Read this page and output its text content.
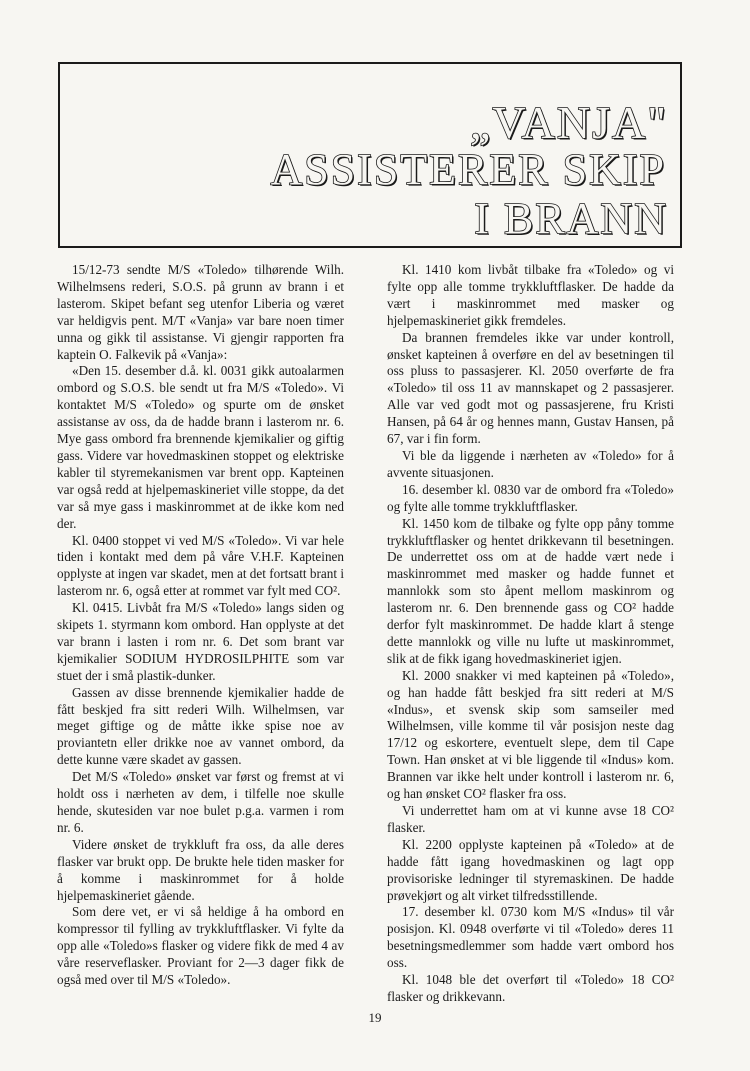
„VANJA"
ASSISTERER SKIP
I BRANN

15/12-73 sendte M/S «Toledo» tilhørende Wilh. Wilhelmsens rederi, S.O.S. på grunn av brann i et lasterom. Skipet befant seg utenfor Liberia og været var heldigvis pent. M/T «Vanja» var bare noen timer unna og gikk til assistanse. Vi gjengir rapporten fra kaptein O. Falkevik på «Vanja»:

«Den 15. desember d.å. kl. 0031 gikk autoalarmen ombord og S.O.S. ble sendt ut fra M/S «Toledo». Vi kontaktet M/S «Toledo» og spurte om de ønsket assistanse av oss, da de hadde brann i lasterom nr. 6. Mye gass ombord fra brennende kjemikalier og giftig gass. Videre var hovedmaskinen stoppet og elektriske kabler til styremekanismen var brent opp. Kapteinen var også redd at hjelpemaskineriet ville stoppe, da det var så mye gass i maskinrommet at de ikke kom ned der.

Kl. 0400 stoppet vi ved M/S «Toledo». Vi var hele tiden i kontakt med dem på våre V.H.F. Kapteinen opplyste at ingen var skadet, men at det fortsatt brant i lasterom nr. 6, også etter at rommet var fylt med CO².

Kl. 0415. Livbåt fra M/S «Toledo» langs siden og skipets 1. styrmann kom ombord. Han opplyste at det var brann i lasten i rom nr. 6. Det som brant var kjemikalier SODIUM HYDROSILPHITE som var stuet der i små plastik-dunker.

Gassen av disse brennende kjemikalier hadde de fått beskjed fra sitt rederi Wilh. Wilhelmsen, var meget giftige og de måtte ikke spise noe av proviantetn eller drikke noe av vannet ombord, da dette kunne være skadet av gassen.

Det M/S «Toledo» ønsket var først og fremst at vi holdt oss i nærheten av dem, i tilfelle noe skulle hende, skutesiden var noe bulet p.g.a. varmen i rom nr. 6.

Videre ønsket de trykkluft fra oss, da alle deres flasker var brukt opp. De brukte hele tiden masker for å komme i maskinrommet for å holde hjelpemaskineriet gående.

Som dere vet, er vi så heldige å ha ombord en kompressor til fylling av trykkluftflasker. Vi fylte da opp alle «Toledo»s flasker og videre fikk de med 4 av våre reserveflasker. Proviant for 2—3 dager fikk de også med over til M/S «Toledo».

Kl. 1410 kom livbåt tilbake fra «Toledo» og vi fylte opp alle tomme trykkluftflasker. De hadde da vært i maskinrommet med masker og hjelpemaskineriet gikk fremdeles.

Da brannen fremdeles ikke var under kontroll, ønsket kapteinen å overføre en del av besetningen til oss pluss to passasjerer. Kl. 2050 overførte de fra «Toledo» til oss 11 av mannskapet og 2 passasjerer. Alle var ved godt mot og passasjerene, fru Kristi Hansen, på 64 år og hennes mann, Gustav Hansen, på 67, var i fin form.

Vi ble da liggende i nærheten av «Toledo» for å avvente situasjonen.

16. desember kl. 0830 var de ombord fra «Toledo» og fylte alle tomme trykkluftflasker.

Kl. 1450 kom de tilbake og fylte opp påny tomme trykkluftflasker og hentet drikkevann til besetningen. De underrettet oss om at de hadde vært nede i maskinrommet med masker og hadde funnet et mannlokk som sto åpent mellom maskinrom og lasterom nr. 6. Den brennende gass og CO² hadde derfor fylt maskinrommet. De hadde klart å stenge dette mannlokk og ville nu lufte ut maskinrommet, slik at de fikk igang hovedmaskineriet igjen.

Kl. 2000 snakker vi med kapteinen på «Toledo», og han hadde fått beskjed fra sitt rederi at M/S «Indus», et svensk skip som samseiler med Wilhelmsen, ville komme til vår posisjon neste dag 17/12 og eskortere, eventuelt slepe, dem til Cape Town. Han ønsket at vi ble liggende til «Indus» kom. Brannen var ikke helt under kontroll i lasterom nr. 6, og han ønsket CO² flasker fra oss.

Vi underrettet ham om at vi kunne avse 18 CO² flasker.

Kl. 2200 opplyste kapteinen på «Toledo» at de hadde fått igang hovedmaskinen og lagt opp provisoriske ledninger til styremaskinen. De hadde prøvekjørt og alt virket tilfredsstillende.

17. desember kl. 0730 kom M/S «Indus» til vår posisjon. Kl. 0948 overførte vi til «Toledo» deres 11 besetningsmedlemmer som hadde vært ombord hos oss.

Kl. 1048 ble det overført til «Toledo» 18 CO² flasker og drikkevann.

19
